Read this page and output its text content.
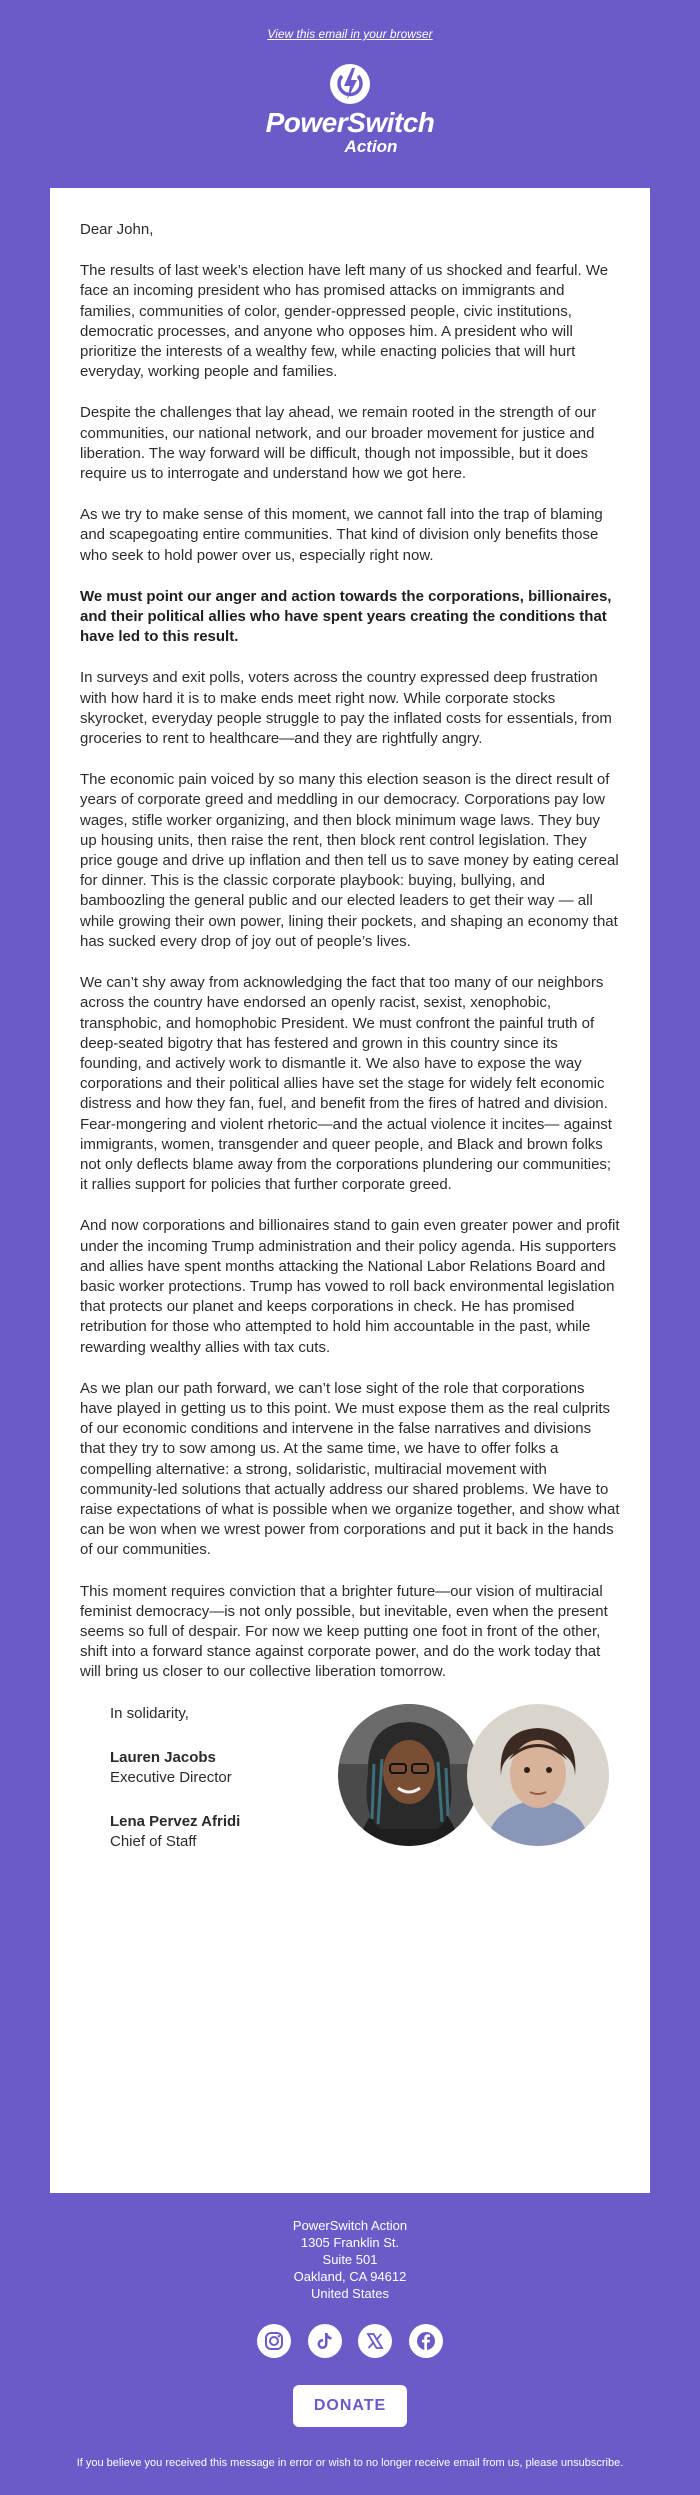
View this email in your browser
PowerSwitch
Action

Dear John,

The results of last week’s election have left many of us shocked and fearful. We face an incoming president who has promised attacks on immigrants and families, communities of color, gender-oppressed people, civic institutions, democratic processes, and anyone who opposes him. A president who will prioritize the interests of a wealthy few, while enacting policies that will hurt everyday, working people and families.

Despite the challenges that lay ahead, we remain rooted in the strength of our communities, our national network, and our broader movement for justice and liberation. The way forward will be difficult, though not impossible, but it does require us to interrogate and understand how we got here.

As we try to make sense of this moment, we cannot fall into the trap of blaming and scapegoating entire communities. That kind of division only benefits those who seek to hold power over us, especially right now.

We must point our anger and action towards the corporations, billionaires, and their political allies who have spent years creating the conditions that have led to this result.

In surveys and exit polls, voters across the country expressed deep frustration with how hard it is to make ends meet right now. While corporate stocks skyrocket, everyday people struggle to pay the inflated costs for essentials, from groceries to rent to healthcare—and they are rightfully angry.

The economic pain voiced by so many this election season is the direct result of years of corporate greed and meddling in our democracy. Corporations pay low wages, stifle worker organizing, and then block minimum wage laws. They buy up housing units, then raise the rent, then block rent control legislation. They price gouge and drive up inflation and then tell us to save money by eating cereal for dinner. This is the classic corporate playbook: buying, bullying, and bamboozling the general public and our elected leaders to get their way — all while growing their own power, lining their pockets, and shaping an economy that has sucked every drop of joy out of people’s lives.

We can’t shy away from acknowledging the fact that too many of our neighbors across the country have endorsed an openly racist, sexist, xenophobic, transphobic, and homophobic President. We must confront the painful truth of deep-seated bigotry that has festered and grown in this country since its founding, and actively work to dismantle it. We also have to expose the way corporations and their political allies have set the stage for widely felt economic distress and how they fan, fuel, and benefit from the fires of hatred and division. Fear-mongering and violent rhetoric—and the actual violence it incites— against immigrants, women, transgender and queer people, and Black and brown folks not only deflects blame away from the corporations plundering our communities; it rallies support for policies that further corporate greed.

And now corporations and billionaires stand to gain even greater power and profit under the incoming Trump administration and their policy agenda. His supporters and allies have spent months attacking the National Labor Relations Board and basic worker protections. Trump has vowed to roll back environmental legislation that protects our planet and keeps corporations in check. He has promised retribution for those who attempted to hold him accountable in the past, while rewarding wealthy allies with tax cuts.

As we plan our path forward, we can’t lose sight of the role that corporations have played in getting us to this point. We must expose them as the real culprits of our economic conditions and intervene in the false narratives and divisions that they try to sow among us. At the same time, we have to offer folks a compelling alternative: a strong, solidaristic, multiracial movement with community-led solutions that actually address our shared problems. We have to raise expectations of what is possible when we organize together, and show what can be won when we wrest power from corporations and put it back in the hands of our communities.

This moment requires conviction that a brighter future—our vision of multiracial feminist democracy—is not only possible, but inevitable, even when the present seems so full of despair. For now we keep putting one foot in front of the other, shift into a forward stance against corporate power, and do the work today that will bring us closer to our collective liberation tomorrow.

In solidarity,
Lauren Jacobs
Executive Director
Lena Pervez Afridi
Chief of Staff
PowerSwitch Action
1305 Franklin St.
Suite 501
Oakland, CA 94612
United States

DONATE
If you believe you received this message in error or wish to no longer receive email from us, please unsubscribe.
